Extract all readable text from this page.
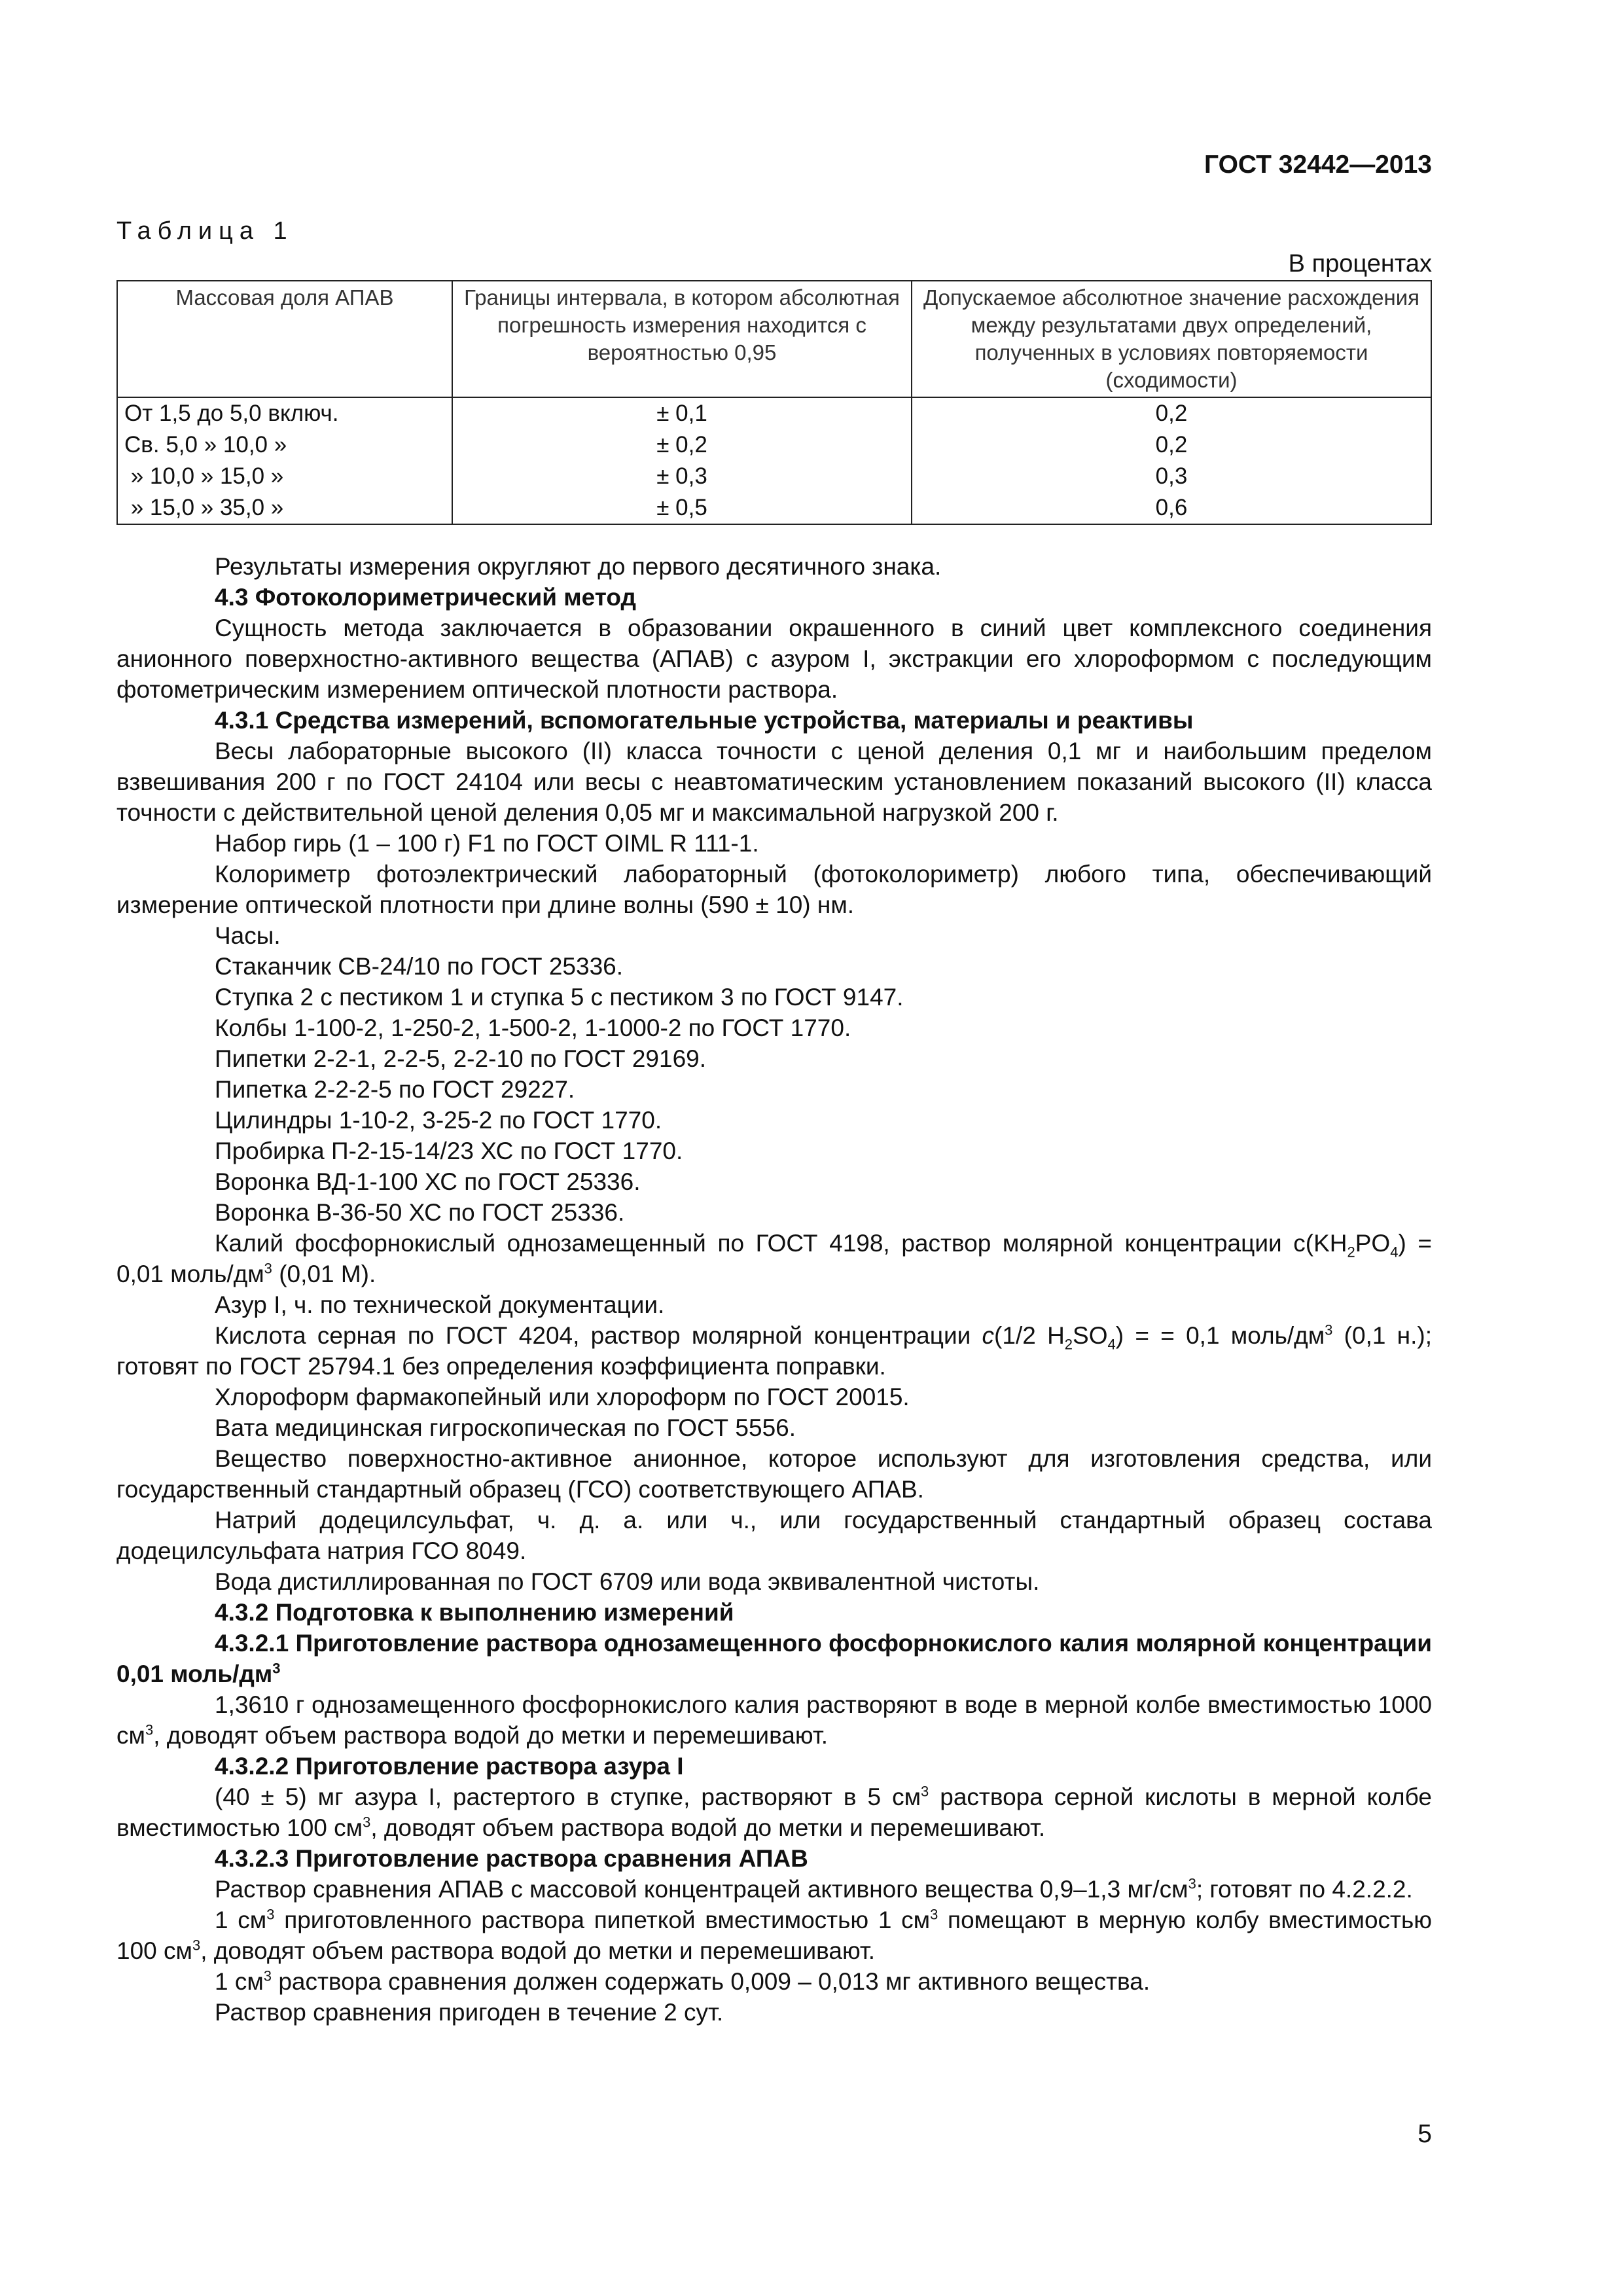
ГОСТ 32442—2013
Таблица 1
В процентах
Массовая доля АПАВ	Границы интервала, в котором абсолютная погрешность измерения находится с вероятностью 0,95	Допускаемое абсолютное значение расхождения между результатами двух определений, полученных в условиях повторяемости (сходимости)
От 1,5 до 5,0 включ.	± 0,1	0,2
Св. 5,0 » 10,0 »	± 0,2	0,2
» 10,0 » 15,0 »	± 0,3	0,3
» 15,0 » 35,0 »	± 0,5	0,6

Результаты измерения округляют до первого десятичного знака.

4.3 Фотоколориметрический метод

Сущность метода заключается в образовании окрашенного в синий цвет комплексного соединения анионного поверхностно-активного вещества (АПАВ) с азуром I, экстракции его хлороформом с последующим фотометрическим измерением оптической плотности раствора.

4.3.1 Средства измерений, вспомогательные устройства, материалы и реактивы

Весы лабораторные высокого (II) класса точности с ценой деления 0,1 мг и наибольшим пределом взвешивания 200 г по ГОСТ 24104 или весы с неавтоматическим установлением показаний высокого (II) класса точности с действительной ценой деления 0,05 мг и максимальной нагрузкой 200 г.

Набор гирь (1 – 100 г) F1 по ГОСТ OIML R 111-1.

Колориметр фотоэлектрический лабораторный (фотоколориметр) любого типа, обеспечивающий измерение оптической плотности при длине волны (590 ± 10) нм.

Часы.

Стаканчик СВ-24/10 по ГОСТ 25336.

Ступка 2 с пестиком 1 и ступка 5 с пестиком 3 по ГОСТ 9147.

Колбы 1-100-2, 1-250-2, 1-500-2, 1-1000-2 по ГОСТ 1770.

Пипетки 2-2-1, 2-2-5, 2-2-10 по ГОСТ 29169.

Пипетка 2-2-2-5 по ГОСТ 29227.

Цилиндры 1-10-2, 3-25-2 по ГОСТ 1770.

Пробирка П-2-15-14/23 ХС по ГОСТ 1770.

Воронка ВД-1-100 ХС по ГОСТ 25336.

Воронка В-36-50 ХС по ГОСТ 25336.

Калий фосфорнокислый однозамещенный по ГОСТ 4198, раствор молярной концентрации $с(KH_2PO_4) = 0,01$ моль/$дм^3$ (0,01 М).

Азур I, ч. по технической документации.

Кислота серная по ГОСТ 4204, раствор молярной концентрации c(1/2 $H_2SO_4$) = = 0,1 моль/$дм^3$ (0,1 н.); готовят по ГОСТ 25794.1 без определения коэффициента поправки.

Хлороформ фармакопейный или хлороформ по ГОСТ 20015.

Вата медицинская гигроскопическая по ГОСТ 5556.

Вещество поверхностно-активное анионное, которое используют для изготовления средства, или государственный стандартный образец (ГСО) соответствующего АПАВ.

Натрий додецилсульфат, ч. д. а. или ч., или государственный стандартный образец состава додецилсульфата натрия ГСО 8049.

Вода дистиллированная по ГОСТ 6709 или вода эквивалентной чистоты.

4.3.2 Подготовка к выполнению измерений

4.3.2.1 Приготовление раствора однозамещенного фосфорнокислого калия молярной концентрации 0,01 моль/$дм^3$

1,3610 г однозамещенного фосфорнокислого калия растворяют в воде в мерной колбе вместимостью 1000 $см^3$, доводят объем раствора водой до метки и перемешивают.

4.3.2.2 Приготовление раствора азура I

(40 ± 5) мг азура I, растертого в ступке, растворяют в 5 $см^3$ раствора серной кислоты в мерной колбе вместимостью 100 $см^3$, доводят объем раствора водой до метки и перемешивают.

4.3.2.3 Приготовление раствора сравнения АПАВ

Раствор сравнения АПАВ с массовой концентрацей активного вещества 0,9–1,3 $мг/см^3$; готовят по 4.2.2.2.

1 $см^3$ приготовленного раствора пипеткой вместимостью 1 $см^3$ помещают в мерную колбу вместимостью 100 $см^3$, доводят объем раствора водой до метки и перемешивают.

1 $см^3$ раствора сравнения должен содержать 0,009 – 0,013 мг активного вещества.

Раствор сравнения пригоден в течение 2 сут.

5
